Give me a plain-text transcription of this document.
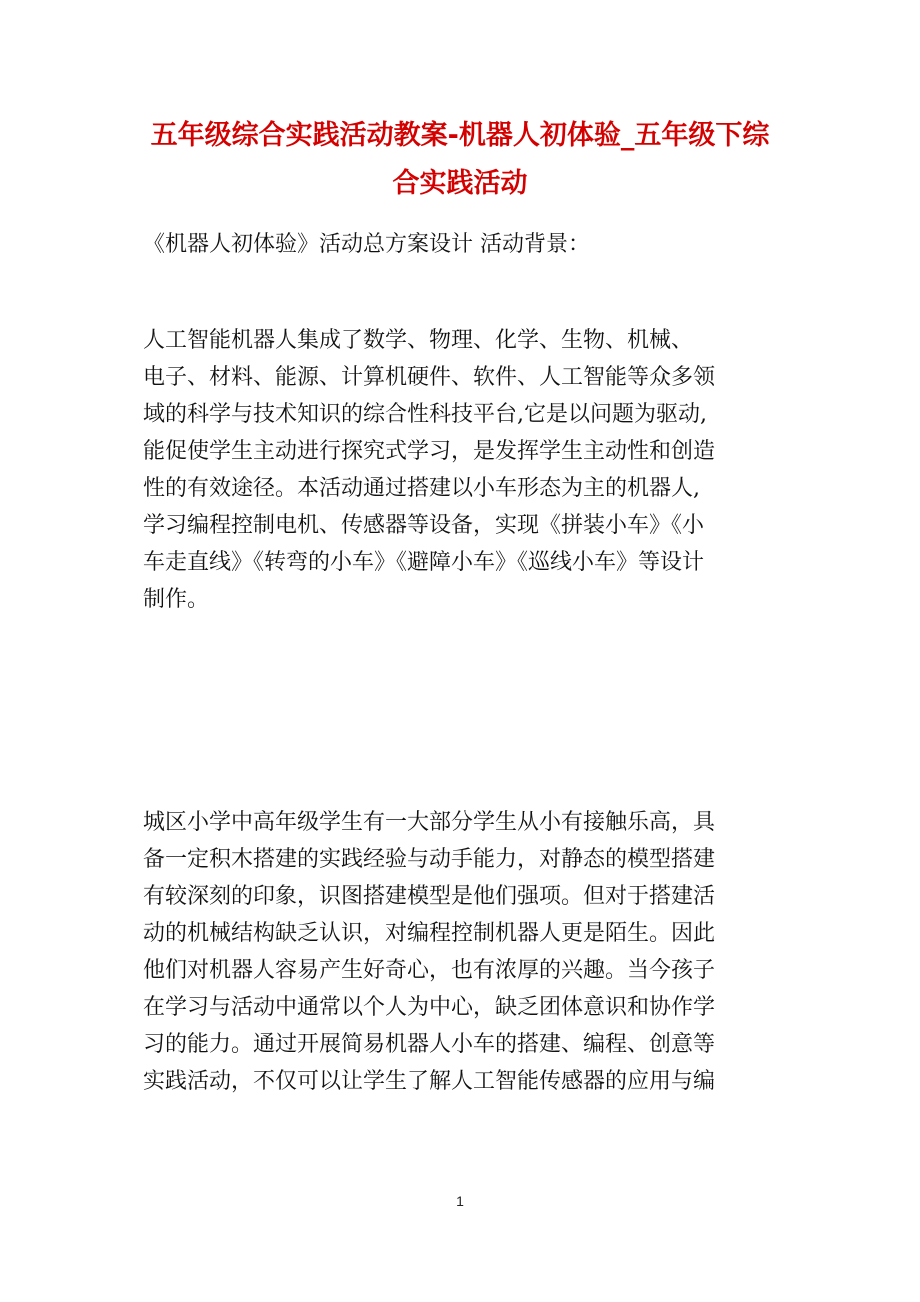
五年级综合实践活动教案-机器人初体验_五年级下综
合实践活动

《机器人初体验》活动总方案设计 活动背景：

人工智能机器人集成了数学、物理、化学、生物、机械、
电子、材料、能源、计算机硬件、软件、人工智能等众多领
域的科学与技术知识的综合性科技平台,它是以问题为驱动,
能促使学生主动进行探究式学习，是发挥学生主动性和创造
性的有效途径。本活动通过搭建以小车形态为主的机器人,
学习编程控制电机、传感器等设备，实现《拼装小车》《小
车走直线》《转弯的小车》《避障小车》《巡线小车》等设计
制作。
城区小学中高年级学生有一大部分学生从小有接触乐高，具
备一定积木搭建的实践经验与动手能力，对静态的模型搭建
有较深刻的印象，识图搭建模型是他们强项。但对于搭建活
动的机械结构缺乏认识，对编程控制机器人更是陌生。因此
他们对机器人容易产生好奇心，也有浓厚的兴趣。当今孩子
在学习与活动中通常以个人为中心，缺乏团体意识和协作学
习的能力。通过开展简易机器人小车的搭建、编程、创意等
实践活动，不仅可以让学生了解人工智能传感器的应用与编
1
